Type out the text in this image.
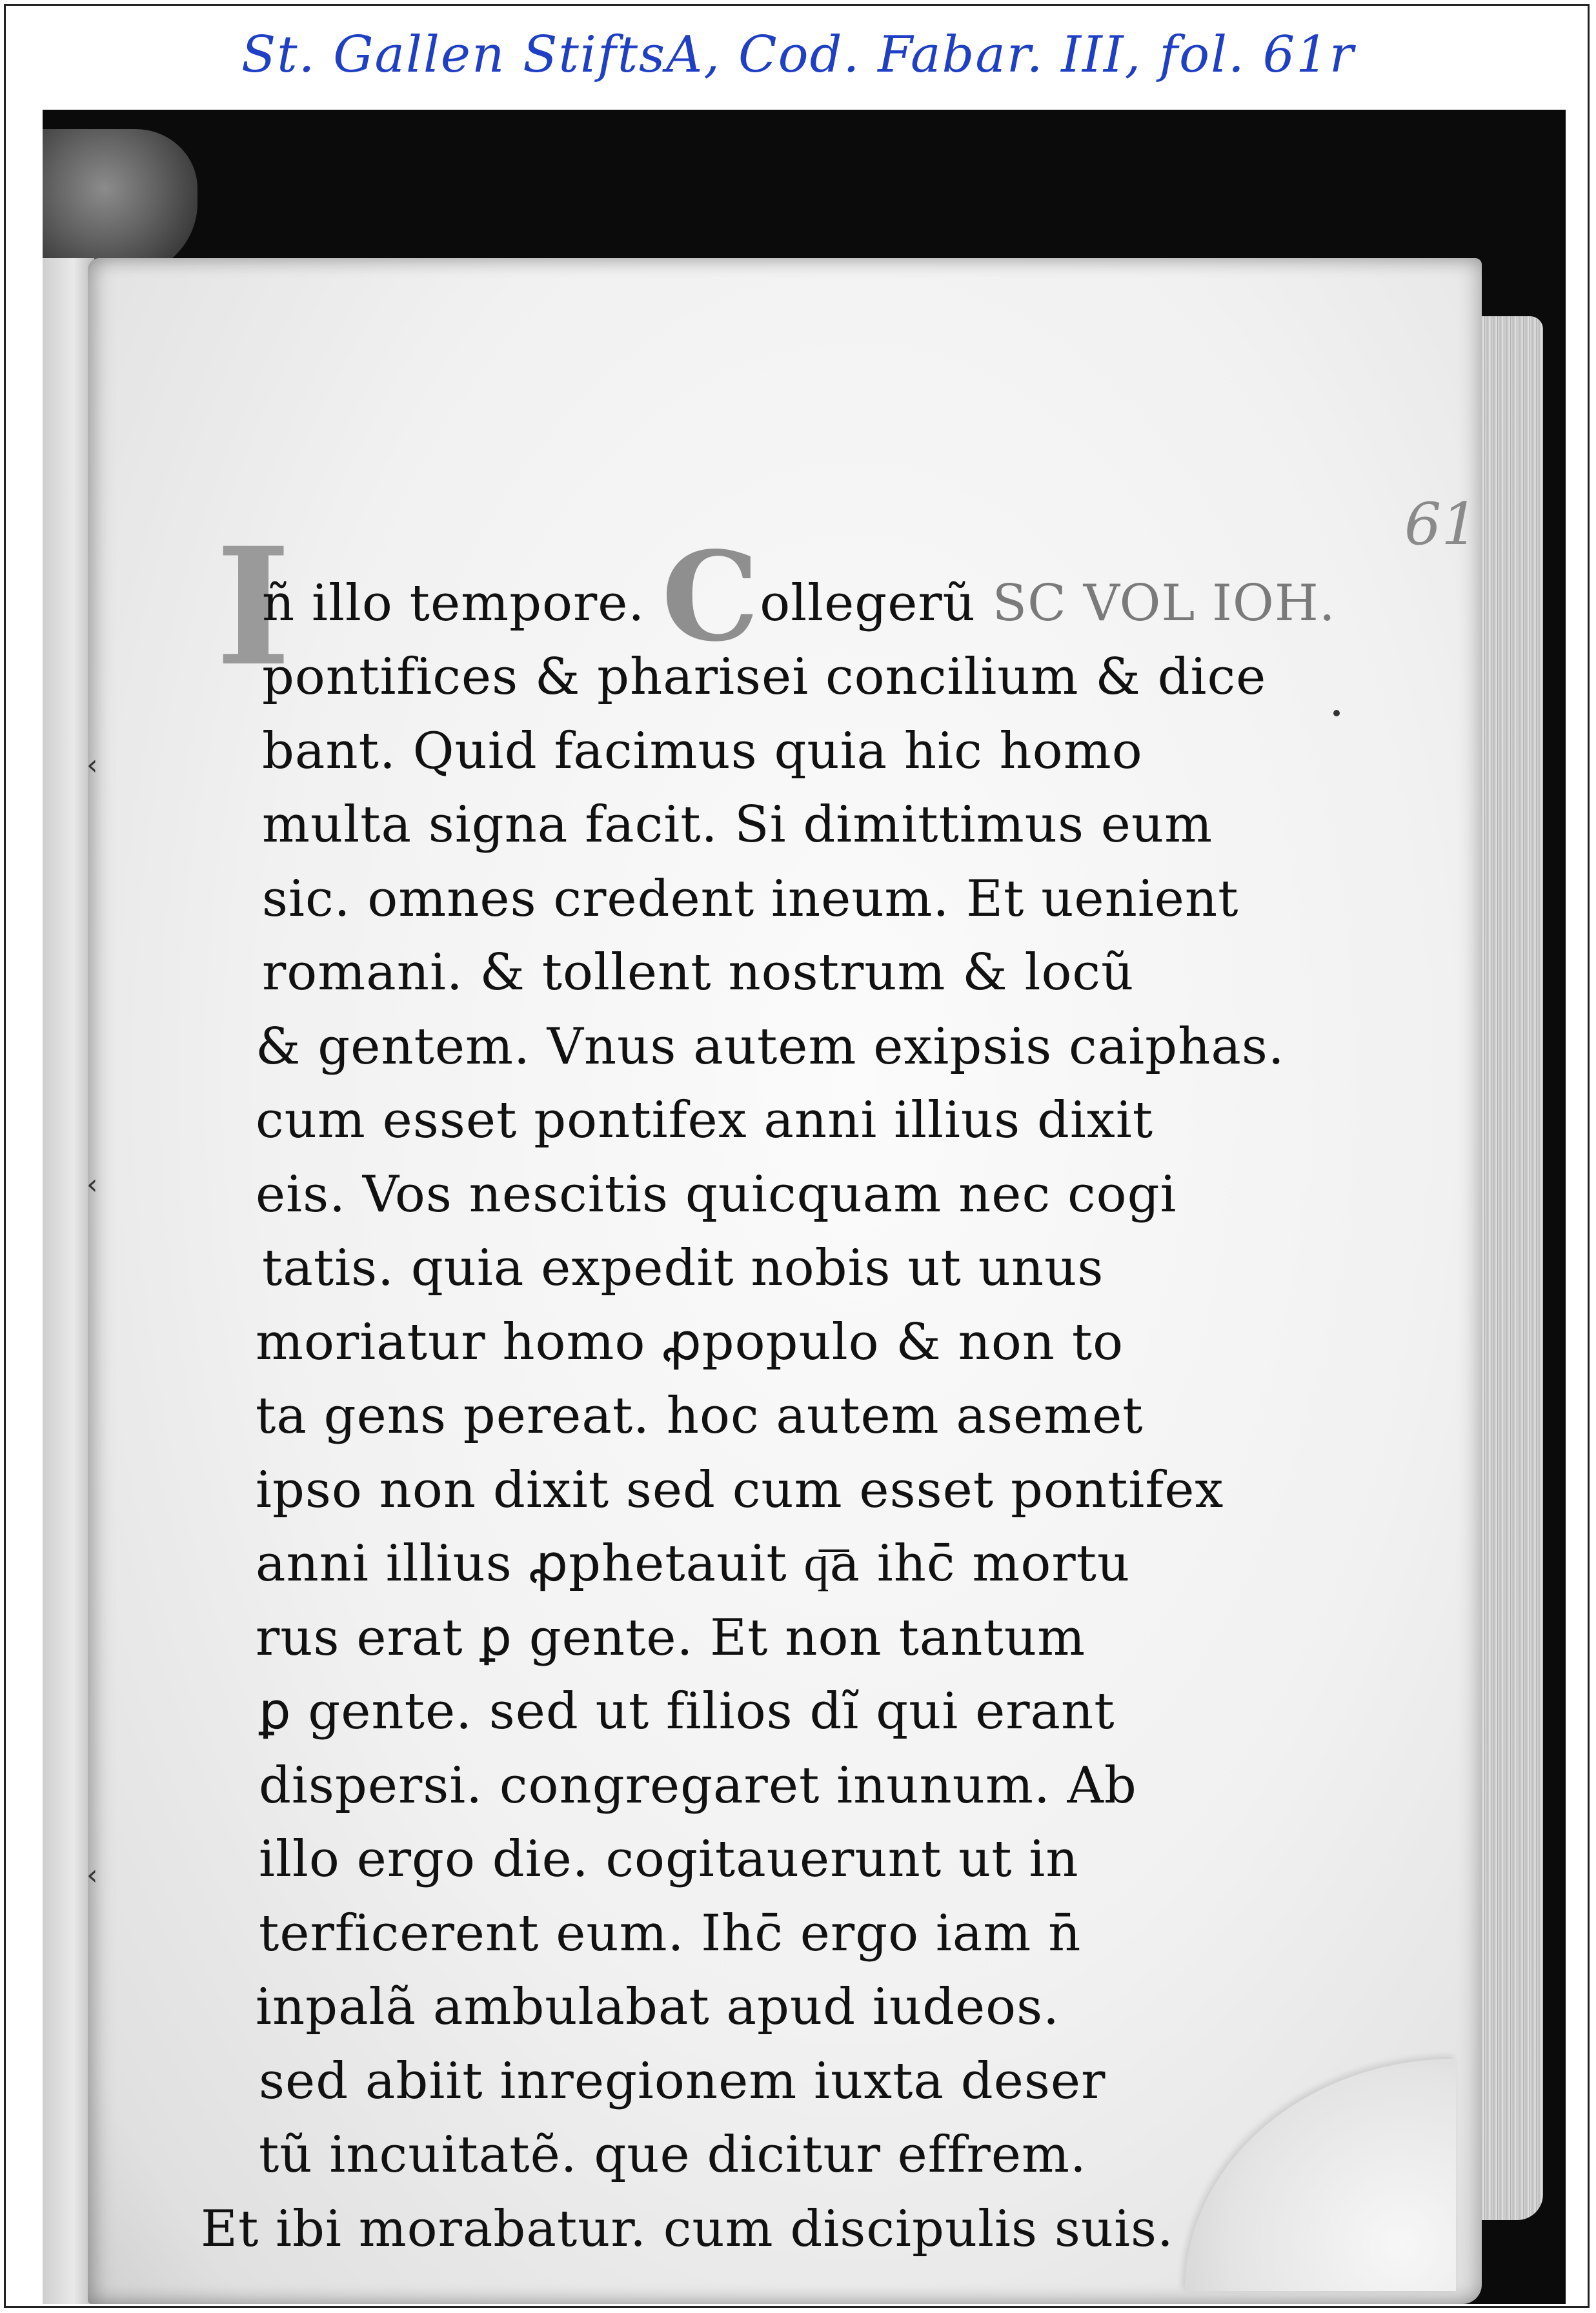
St. Gallen StiftsA, Cod. Fabar. III, fol. 61r
61
I
ñ illo tempore. Collegerũ SC VOL IOH.
pontifices & pharisei concilium & dice
bant. Quid facimus quia hic homo
multa signa facit. Si dimittimus eum
sic. omnes credent ineum. Et uenient
romani. & tollent nostrum & locũ
& gentem. Vnus autem exipsis caiphas.
cum esset pontifex anni illius dixit
eis. Vos nescitis quicquam nec cogi
tatis. quia expedit nobis ut unus
moriatur homo ꝓpopulo & non to
ta gens pereat. hoc autem asemet
ipso non dixit sed cum esset pontifex
anni illius ꝓphetauit q͞a ihc̄ mortu
rus erat ꝑ gente. Et non tantum
ꝑ gente. sed ut filios dĩ qui erant
dispersi. congregaret inunum. Ab
illo ergo die. cogitauerunt ut in
terficerent eum. Ihc̄ ergo iam n̄
inpalã ambulabat apud iudeos.
sed abiit inregionem iuxta deser
tũ incuitatẽ. que dicitur effrem.
Et ibi morabatur. cum discipulis suis.
‹
‹
‹
